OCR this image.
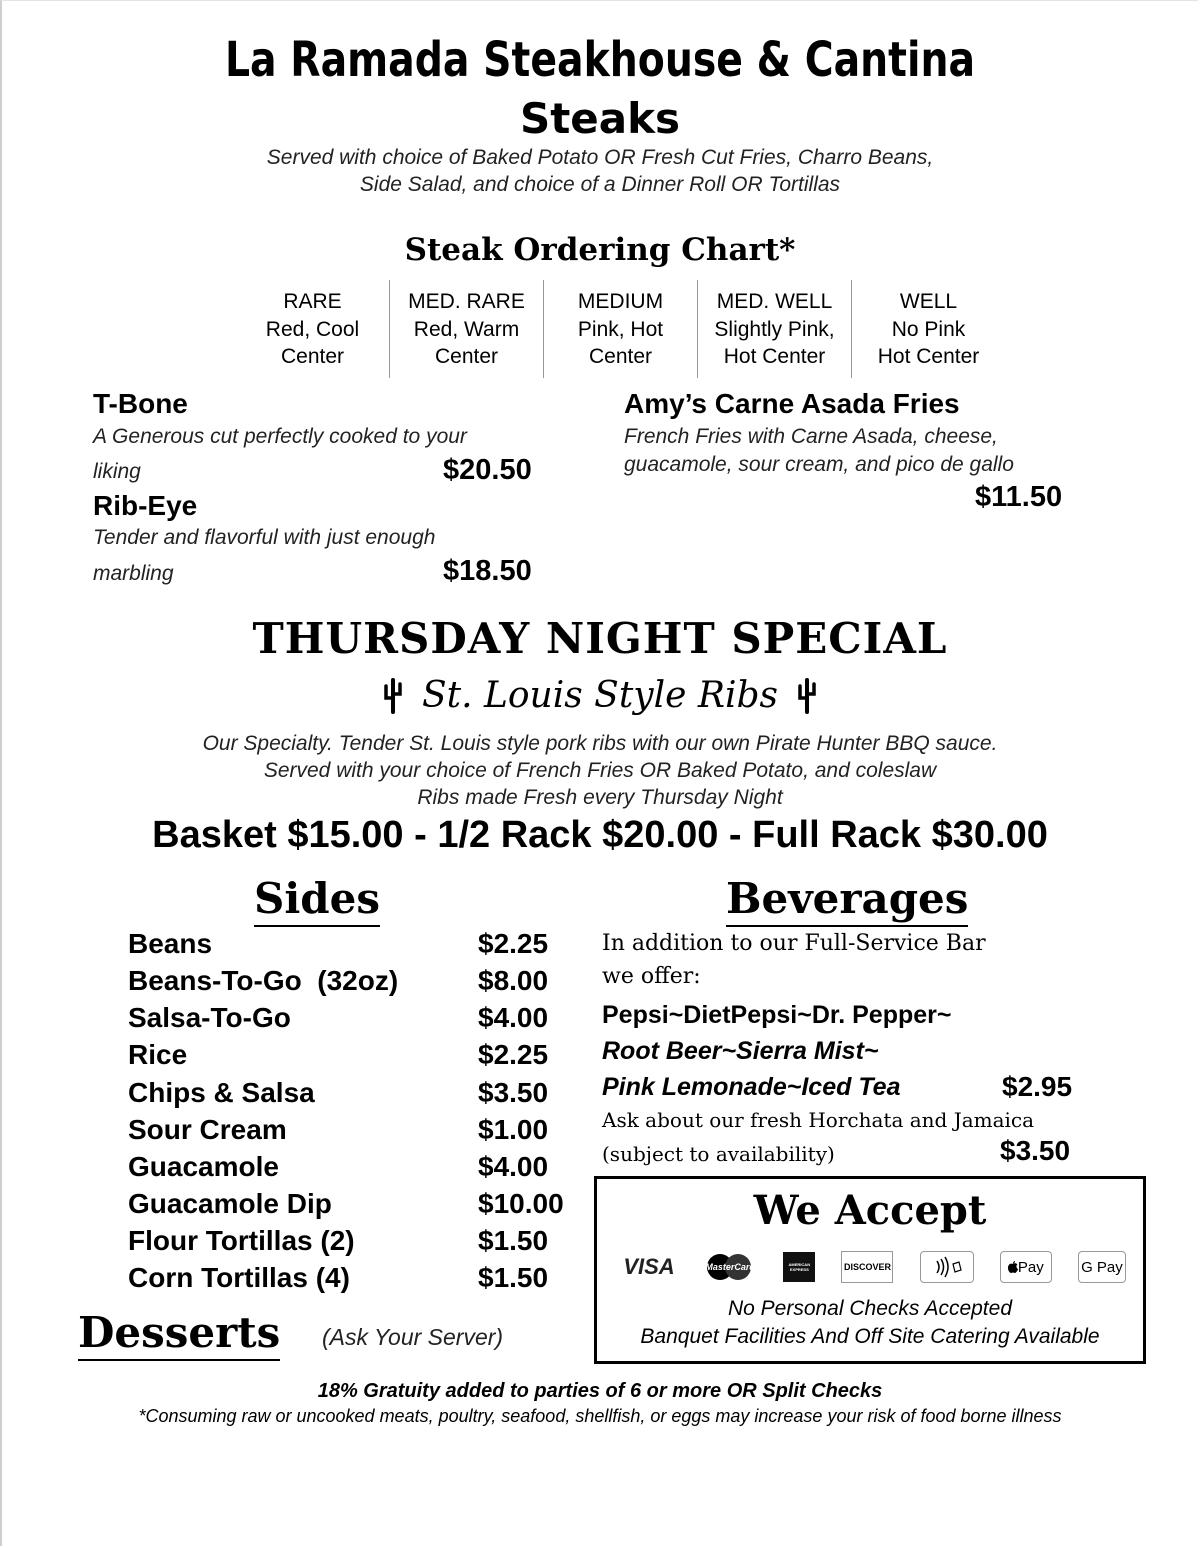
La Ramada Steakhouse & Cantina
Steaks
Served with choice of Baked Potato OR Fresh Cut Fries, Charro Beans,
Side Salad, and choice of a Dinner Roll OR Tortillas
Steak Ordering Chart*
RARE
Red, Cool
Center
MED. RARE
Red, Warm
Center
MEDIUM
Pink, Hot
Center
MED. WELL
Slightly Pink,
Hot Center
WELL
No Pink
Hot Center
T-Bone
A Generous cut perfectly cooked to your
liking	$20.50
Rib-Eye
Tender and flavorful with just enough
marbling	$18.50
Amy’s Carne Asada Fries
French Fries with Carne Asada, cheese,
guacamole, sour cream, and pico de gallo
$11.50
THURSDAY NIGHT SPECIAL
St. Louis Style Ribs
Our Specialty. Tender St. Louis style pork ribs with our own Pirate Hunter BBQ sauce.
Served with your choice of French Fries OR Baked Potato, and coleslaw
Ribs made Fresh every Thursday Night
Basket $15.00 - 1/2 Rack $20.00 - Full Rack $30.00
Sides
Beans	$2.25
Beans-To-Go  (32oz)	$8.00
Salsa-To-Go	$4.00
Rice	$2.25
Chips & Salsa	$3.50
Sour Cream	$1.00
Guacamole	$4.00
Guacamole Dip	$10.00
Flour Tortillas (2)	$1.50
Corn Tortillas (4)	$1.50
Desserts (Ask Your Server)
Beverages
In addition to our Full-Service Bar
we offer:
Pepsi~DietPepsi~Dr. Pepper~
Root Beer~Sierra Mist~
Pink Lemonade~Iced Tea	$2.95
Ask about our fresh Horchata and Jamaica
(subject to availability)	$3.50
We Accept
VISA	MasterCard	AMERICAN EXPRESS	DISCOVER	Pay G Pay
No Personal Checks Accepted
Banquet Facilities And Off Site Catering Available
18% Gratuity added to parties of 6 or more OR Split Checks
*Consuming raw or uncooked meats, poultry, seafood, shellfish, or eggs may increase your risk of food borne illness
